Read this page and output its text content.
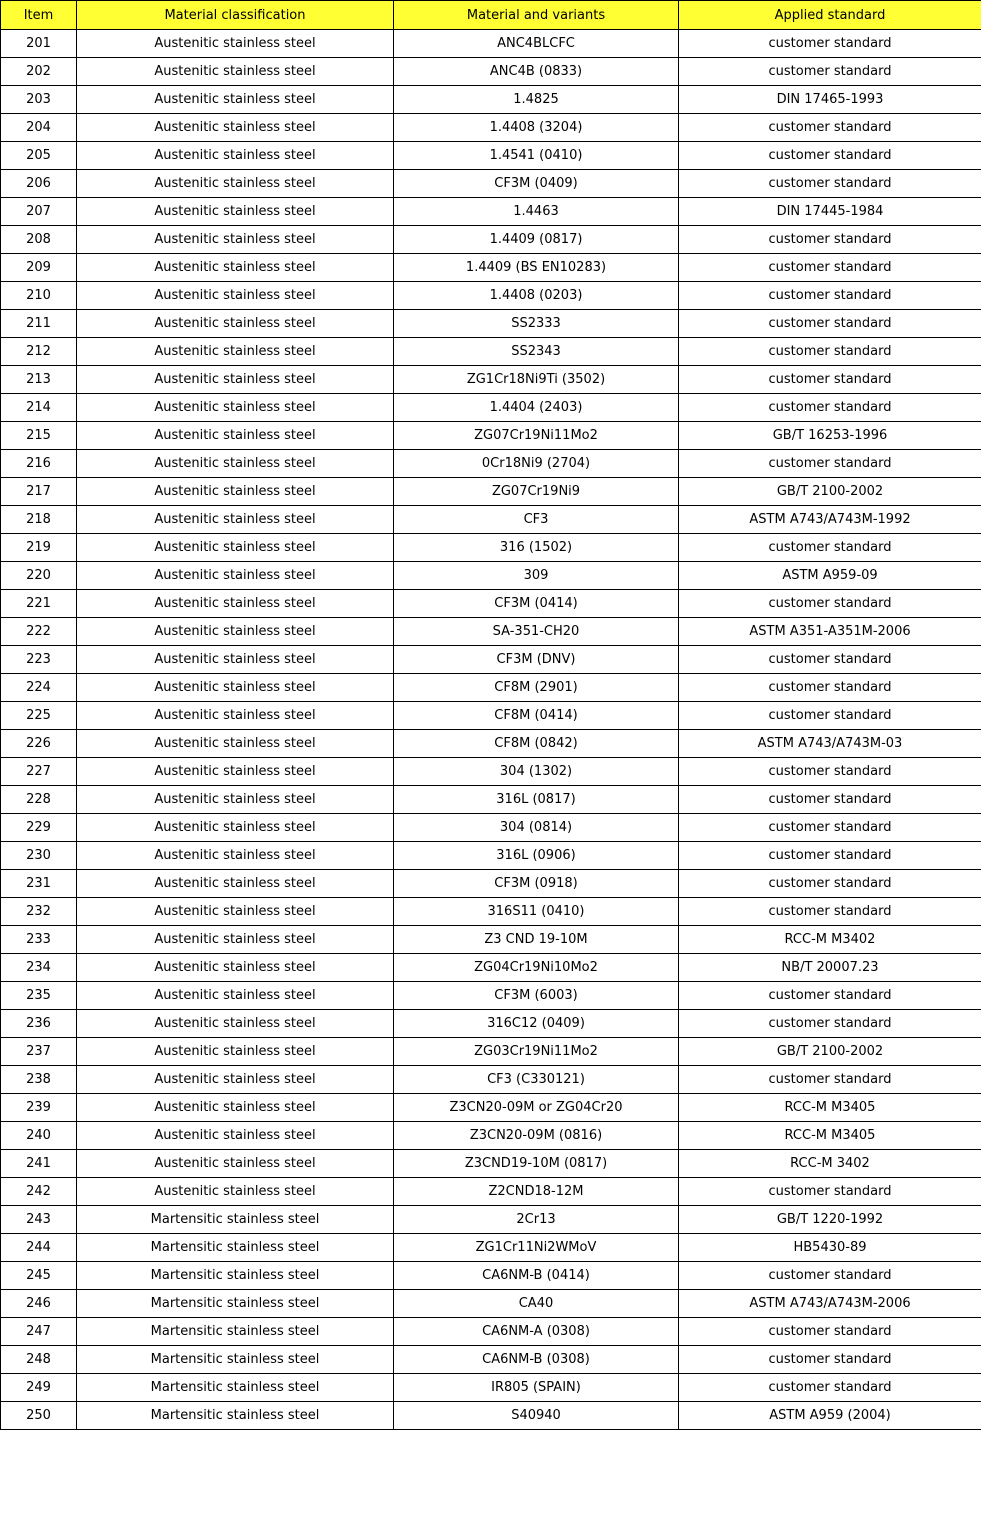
Item	Material classification	Material and variants	Applied standard
201	Austenitic stainless steel	ANC4BLCFC	customer standard
202	Austenitic stainless steel	ANC4B (0833)	customer standard
203	Austenitic stainless steel	1.4825	DIN 17465-1993
204	Austenitic stainless steel	1.4408 (3204)	customer standard
205	Austenitic stainless steel	1.4541 (0410)	customer standard
206	Austenitic stainless steel	CF3M (0409)	customer standard
207	Austenitic stainless steel	1.4463	DIN 17445-1984
208	Austenitic stainless steel	1.4409 (0817)	customer standard
209	Austenitic stainless steel	1.4409 (BS EN10283)	customer standard
210	Austenitic stainless steel	1.4408 (0203)	customer standard
211	Austenitic stainless steel	SS2333	customer standard
212	Austenitic stainless steel	SS2343	customer standard
213	Austenitic stainless steel	ZG1Cr18Ni9Ti (3502)	customer standard
214	Austenitic stainless steel	1.4404 (2403)	customer standard
215	Austenitic stainless steel	ZG07Cr19Ni11Mo2	GB/T 16253-1996
216	Austenitic stainless steel	0Cr18Ni9 (2704)	customer standard
217	Austenitic stainless steel	ZG07Cr19Ni9	GB/T 2100-2002
218	Austenitic stainless steel	CF3	ASTM A743/A743M-1992
219	Austenitic stainless steel	316 (1502)	customer standard
220	Austenitic stainless steel	309	ASTM A959-09
221	Austenitic stainless steel	CF3M (0414)	customer standard
222	Austenitic stainless steel	SA-351-CH20	ASTM A351-A351M-2006
223	Austenitic stainless steel	CF3M (DNV)	customer standard
224	Austenitic stainless steel	CF8M (2901)	customer standard
225	Austenitic stainless steel	CF8M (0414)	customer standard
226	Austenitic stainless steel	CF8M (0842)	ASTM A743/A743M-03
227	Austenitic stainless steel	304 (1302)	customer standard
228	Austenitic stainless steel	316L (0817)	customer standard
229	Austenitic stainless steel	304 (0814)	customer standard
230	Austenitic stainless steel	316L (0906)	customer standard
231	Austenitic stainless steel	CF3M (0918)	customer standard
232	Austenitic stainless steel	316S11 (0410)	customer standard
233	Austenitic stainless steel	Z3 CND 19-10M	RCC-M M3402
234	Austenitic stainless steel	ZG04Cr19Ni10Mo2	NB/T 20007.23
235	Austenitic stainless steel	CF3M (6003)	customer standard
236	Austenitic stainless steel	316C12 (0409)	customer standard
237	Austenitic stainless steel	ZG03Cr19Ni11Mo2	GB/T 2100-2002
238	Austenitic stainless steel	CF3 (C330121)	customer standard
239	Austenitic stainless steel	Z3CN20-09M or ZG04Cr20	RCC-M M3405
240	Austenitic stainless steel	Z3CN20-09M (0816)	RCC-M M3405
241	Austenitic stainless steel	Z3CND19-10M (0817)	RCC-M 3402
242	Austenitic stainless steel	Z2CND18-12M	customer standard
243	Martensitic stainless steel	2Cr13	GB/T 1220-1992
244	Martensitic stainless steel	ZG1Cr11Ni2WMoV	HB5430-89
245	Martensitic stainless steel	CA6NM-B (0414)	customer standard
246	Martensitic stainless steel	CA40	ASTM A743/A743M-2006
247	Martensitic stainless steel	CA6NM-A (0308)	customer standard
248	Martensitic stainless steel	CA6NM-B (0308)	customer standard
249	Martensitic stainless steel	IR805 (SPAIN)	customer standard
250	Martensitic stainless steel	S40940	ASTM A959 (2004)
